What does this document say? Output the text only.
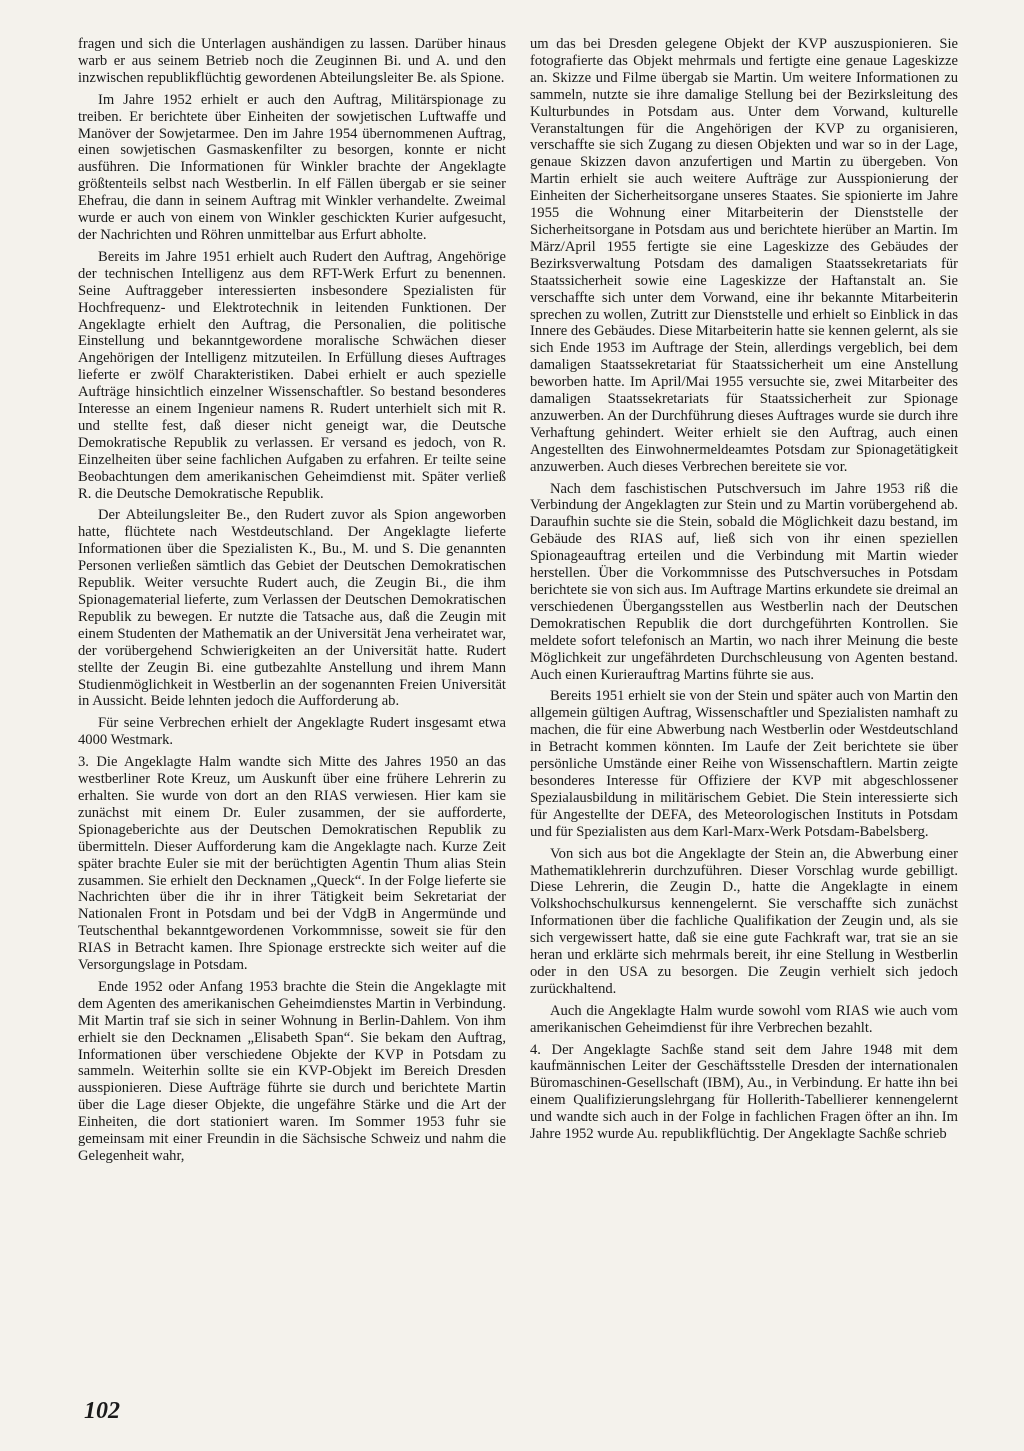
fragen und sich die Unterlagen aushändigen zu lassen. Darüber hinaus warb er aus seinem Betrieb noch die Zeuginnen Bi. und A. und den inzwischen republikflüchtig gewordenen Abteilungsleiter Be. als Spione.

Im Jahre 1952 erhielt er auch den Auftrag, Militärspionage zu treiben. Er berichtete über Einheiten der sowjetischen Luftwaffe und Manöver der Sowjetarmee. Den im Jahre 1954 übernommenen Auftrag, einen sowjetischen Gasmaskenfilter zu besorgen, konnte er nicht ausführen. Die Informationen für Winkler brachte der Angeklagte größtenteils selbst nach Westberlin. In elf Fällen übergab er sie seiner Ehefrau, die dann in seinem Auftrag mit Winkler verhandelte. Zweimal wurde er auch von einem von Winkler geschickten Kurier aufgesucht, der Nachrichten und Röhren unmittelbar aus Erfurt abholte.

Bereits im Jahre 1951 erhielt auch Rudert den Auftrag, Angehörige der technischen Intelligenz aus dem RFT-Werk Erfurt zu benennen. Seine Auftraggeber interessierten insbesondere Spezialisten für Hochfrequenz- und Elektrotechnik in leitenden Funktionen. Der Angeklagte erhielt den Auftrag, die Personalien, die politische Einstellung und bekanntgewordene moralische Schwächen dieser Angehörigen der Intelligenz mitzuteilen. In Erfüllung dieses Auftrages lieferte er zwölf Charakteristiken. Dabei erhielt er auch spezielle Aufträge hinsichtlich einzelner Wissenschaftler. So bestand besonderes Interesse an einem Ingenieur namens R. Rudert unterhielt sich mit R. und stellte fest, daß dieser nicht geneigt war, die Deutsche Demokratische Republik zu verlassen. Er versand es jedoch, von R. Einzelheiten über seine fachlichen Aufgaben zu erfahren. Er teilte seine Beobachtungen dem amerikanischen Geheimdienst mit. Später verließ R. die Deutsche Demokratische Republik.

Der Abteilungsleiter Be., den Rudert zuvor als Spion angeworben hatte, flüchtete nach Westdeutschland. Der Angeklagte lieferte Informationen über die Spezialisten K., Bu., M. und S. Die genannten Personen verließen sämtlich das Gebiet der Deutschen Demokratischen Republik. Weiter versuchte Rudert auch, die Zeugin Bi., die ihm Spionagematerial lieferte, zum Verlassen der Deutschen Demokratischen Republik zu bewegen. Er nutzte die Tatsache aus, daß die Zeugin mit einem Studenten der Mathematik an der Universität Jena verheiratet war, der vorübergehend Schwierigkeiten an der Universität hatte. Rudert stellte der Zeugin Bi. eine gutbezahlte Anstellung und ihrem Mann Studienmöglichkeit in Westberlin an der sogenannten Freien Universität in Aussicht. Beide lehnten jedoch die Aufforderung ab.

Für seine Verbrechen erhielt der Angeklagte Rudert insgesamt etwa 4000 Westmark.

3. Die Angeklagte Halm wandte sich Mitte des Jahres 1950 an das westberliner Rote Kreuz, um Auskunft über eine frühere Lehrerin zu erhalten. Sie wurde von dort an den RIAS verwiesen. Hier kam sie zunächst mit einem Dr. Euler zusammen, der sie aufforderte, Spionageberichte aus der Deutschen Demokratischen Republik zu übermitteln. Dieser Aufforderung kam die Angeklagte nach. Kurze Zeit später brachte Euler sie mit der berüchtigten Agentin Thum alias Stein zusammen. Sie erhielt den Decknamen „Queck“. In der Folge lieferte sie Nachrichten über die ihr in ihrer Tätigkeit beim Sekretariat der Nationalen Front in Potsdam und bei der VdgB in Angermünde und Teutschenthal bekanntgewordenen Vorkommnisse, soweit sie für den RIAS in Betracht kamen. Ihre Spionage erstreckte sich weiter auf die Versorgungslage in Potsdam.

Ende 1952 oder Anfang 1953 brachte die Stein die Angeklagte mit dem Agenten des amerikanischen Geheimdienstes Martin in Verbindung. Mit Martin traf sie sich in seiner Wohnung in Berlin-Dahlem. Von ihm erhielt sie den Decknamen „Elisabeth Span“. Sie bekam den Auftrag, Informationen über verschiedene Objekte der KVP in Potsdam zu sammeln. Weiterhin sollte sie ein KVP-Objekt im Bereich Dresden ausspionieren. Diese Aufträge führte sie durch und berichtete Martin über die Lage dieser Objekte, die ungefähre Stärke und die Art der Einheiten, die dort stationiert waren. Im Sommer 1953 fuhr sie gemeinsam mit einer Freundin in die Sächsische Schweiz und nahm die Gelegenheit wahr,

um das bei Dresden gelegene Objekt der KVP auszuspionieren. Sie fotografierte das Objekt mehrmals und fertigte eine genaue Lageskizze an. Skizze und Filme übergab sie Martin. Um weitere Informationen zu sammeln, nutzte sie ihre damalige Stellung bei der Bezirksleitung des Kulturbundes in Potsdam aus. Unter dem Vorwand, kulturelle Veranstaltungen für die Angehörigen der KVP zu organisieren, verschaffte sie sich Zugang zu diesen Objekten und war so in der Lage, genaue Skizzen davon anzufertigen und Martin zu übergeben. Von Martin erhielt sie auch weitere Aufträge zur Ausspionierung der Einheiten der Sicherheitsorgane unseres Staates. Sie spionierte im Jahre 1955 die Wohnung einer Mitarbeiterin der Dienststelle der Sicherheitsorgane in Potsdam aus und berichtete hierüber an Martin. Im März/April 1955 fertigte sie eine Lageskizze des Gebäudes der Bezirksverwaltung Potsdam des damaligen Staatssekretariats für Staatssicherheit sowie eine Lageskizze der Haftanstalt an. Sie verschaffte sich unter dem Vorwand, eine ihr bekannte Mitarbeiterin sprechen zu wollen, Zutritt zur Dienststelle und erhielt so Einblick in das Innere des Gebäudes. Diese Mitarbeiterin hatte sie kennen gelernt, als sie sich Ende 1953 im Auftrage der Stein, allerdings vergeblich, bei dem damaligen Staatssekretariat für Staatssicherheit um eine Anstellung beworben hatte. Im April/Mai 1955 versuchte sie, zwei Mitarbeiter des damaligen Staatssekretariats für Staatssicherheit zur Spionage anzuwerben. An der Durchführung dieses Auftrages wurde sie durch ihre Verhaftung gehindert. Weiter erhielt sie den Auftrag, auch einen Angestellten des Einwohnermeldeamtes Potsdam zur Spionagetätigkeit anzuwerben. Auch dieses Verbrechen bereitete sie vor.

Nach dem faschistischen Putschversuch im Jahre 1953 riß die Verbindung der Angeklagten zur Stein und zu Martin vorübergehend ab. Daraufhin suchte sie die Stein, sobald die Möglichkeit dazu bestand, im Gebäude des RIAS auf, ließ sich von ihr einen speziellen Spionageauftrag erteilen und die Verbindung mit Martin wieder herstellen. Über die Vorkommnisse des Putschversuches in Potsdam berichtete sie von sich aus. Im Auftrage Martins erkundete sie dreimal an verschiedenen Übergangsstellen aus Westberlin nach der Deutschen Demokratischen Republik die dort durchgeführten Kontrollen. Sie meldete sofort telefonisch an Martin, wo nach ihrer Meinung die beste Möglichkeit zur ungefährdeten Durchschleusung von Agenten bestand. Auch einen Kurierauftrag Martins führte sie aus.

Bereits 1951 erhielt sie von der Stein und später auch von Martin den allgemein gültigen Auftrag, Wissenschaftler und Spezialisten namhaft zu machen, die für eine Abwerbung nach Westberlin oder Westdeutschland in Betracht kommen könnten. Im Laufe der Zeit berichtete sie über persönliche Umstände einer Reihe von Wissenschaftlern. Martin zeigte besonderes Interesse für Offiziere der KVP mit abgeschlossener Spezialausbildung in militärischem Gebiet. Die Stein interessierte sich für Angestellte der DEFA, des Meteorologischen Instituts in Potsdam und für Spezialisten aus dem Karl-Marx-Werk Potsdam-Babelsberg.

Von sich aus bot die Angeklagte der Stein an, die Abwerbung einer Mathematiklehrerin durchzuführen. Dieser Vorschlag wurde gebilligt. Diese Lehrerin, die Zeugin D., hatte die Angeklagte in einem Volkshochschulkursus kennengelernt. Sie verschaffte sich zunächst Informationen über die fachliche Qualifikation der Zeugin und, als sie sich vergewissert hatte, daß sie eine gute Fachkraft war, trat sie an sie heran und erklärte sich mehrmals bereit, ihr eine Stellung in Westberlin oder in den USA zu besorgen. Die Zeugin verhielt sich jedoch zurückhaltend.

Auch die Angeklagte Halm wurde sowohl vom RIAS wie auch vom amerikanischen Geheimdienst für ihre Verbrechen bezahlt.

4. Der Angeklagte Sachße stand seit dem Jahre 1948 mit dem kaufmännischen Leiter der Geschäftsstelle Dresden der internationalen Büromaschinen-Gesellschaft (IBM), Au., in Verbindung. Er hatte ihn bei einem Qualifizierungslehrgang für Hollerith-Tabellierer kennengelernt und wandte sich auch in der Folge in fachlichen Fragen öfter an ihn. Im Jahre 1952 wurde Au. republikflüchtig. Der Angeklagte Sachße schrieb

102
